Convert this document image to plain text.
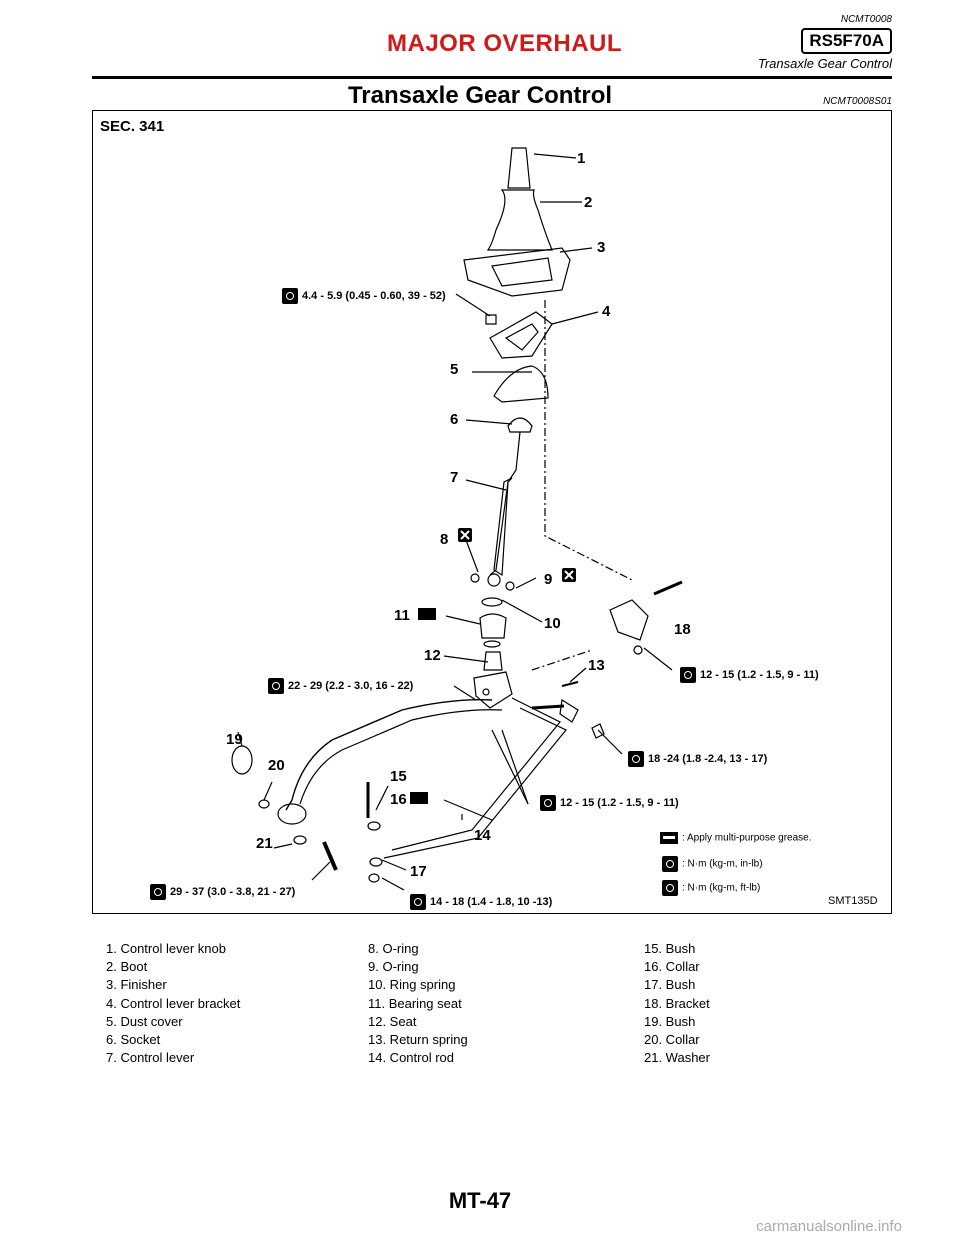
NCMT0008
MAJOR OVERHAUL	RS5F70A
Transaxle Gear Control
Transaxle Gear Control	NCMT0008S01
SEC. 341
SMT135D
1
2
3
4
5
6
7
8
9
10
11
12
13
15
16
17
18
19
20
21	14
4.4 - 5.9 (0.45 - 0.60, 39 - 52)
22 - 29 (2.2 - 3.0, 16 - 22)
12 - 15 (1.2 - 1.5, 9 - 11)
18 -24 (1.8 -2.4, 13 - 17)
12 - 15 (1.2 - 1.5, 9 - 11)
29 - 37 (3.0 - 3.8, 21 - 27)
14 - 18 (1.4 - 1.8, 10 -13)
: Apply multi-purpose grease.
: N·m (kg-m, in-lb)
: N·m (kg-m, ft-lb)
1. Control lever knob
2. Boot
3. Finisher
4. Control lever bracket
5. Dust cover
6. Socket
7. Control lever
8. O-ring
9. O-ring
10. Ring spring
11. Bearing seat
12. Seat
13. Return spring
14. Control rod
15. Bush
16. Collar
17. Bush
18. Bracket
19. Bush
20. Collar
21. Washer
MT-47
carmanualsonline.info
